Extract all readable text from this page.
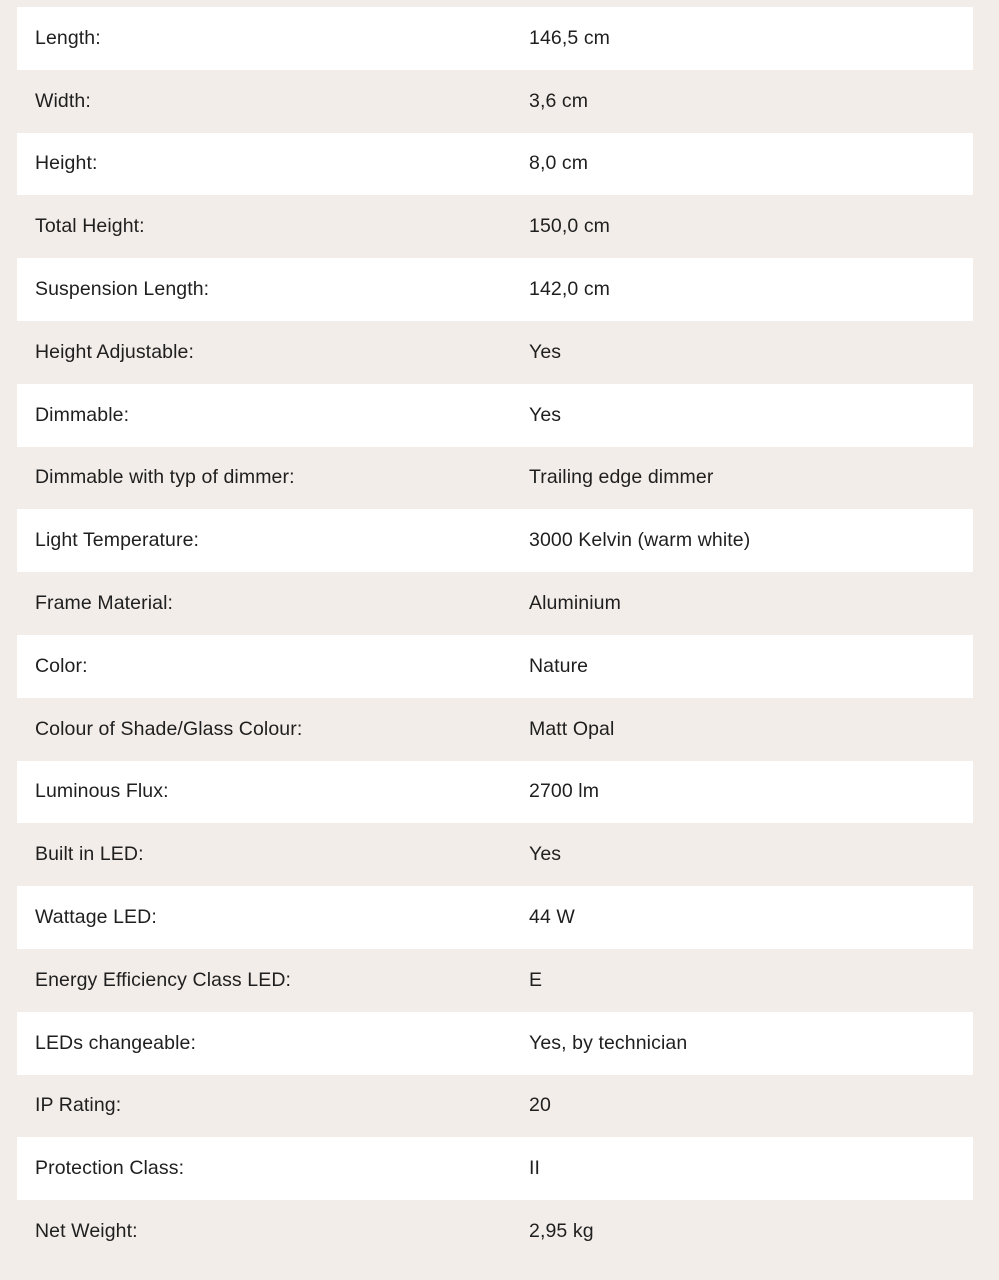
Length:	146,5 cm
Width:	3,6 cm
Height:	8,0 cm
Total Height:	150,0 cm
Suspension Length:	142,0 cm
Height Adjustable:	Yes
Dimmable:	Yes
Dimmable with typ of dimmer:	Trailing edge dimmer
Light Temperature:	3000 Kelvin (warm white)
Frame Material:	Aluminium
Color:	Nature
Colour of Shade/Glass Colour:	Matt Opal
Luminous Flux:	2700 lm
Built in LED:	Yes
Wattage LED:	44 W
Energy Efficiency Class LED:	E
LEDs changeable:	Yes, by technician
IP Rating:	20
Protection Class:	II
Net Weight:	2,95 kg
